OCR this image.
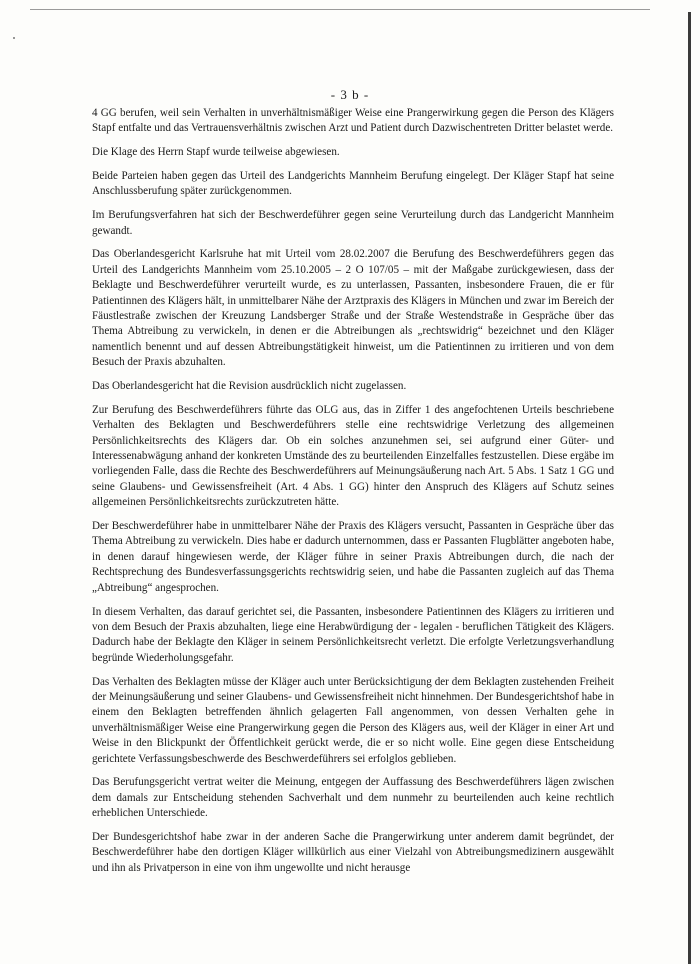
- 3 b -

4 GG berufen, weil sein Verhalten in unverhältnismäßiger Weise eine Prangerwirkung gegen die Person des Klägers Stapf entfalte und das Vertrauensverhältnis zwischen Arzt und Patient durch Dazwischentreten Dritter belastet werde.

Die Klage des Herrn Stapf wurde teilweise abgewiesen.

Beide Parteien haben gegen das Urteil des Landgerichts Mannheim Berufung eingelegt. Der Kläger Stapf hat seine Anschlussberufung später zurückgenommen.

Im Berufungsverfahren hat sich der Beschwerdeführer gegen seine Verurteilung durch das Landgericht Mannheim gewandt.

Das Oberlandesgericht Karlsruhe hat mit Urteil vom 28.02.2007 die Berufung des Beschwerdeführers gegen das Urteil des Landgerichts Mannheim vom 25.10.2005 – 2 O 107/05 – mit der Maßgabe zurückgewiesen, dass der Beklagte und Beschwerdeführer verurteilt wurde, es zu unterlassen, Passanten, insbesondere Frauen, die er für Patientinnen des Klägers hält, in unmittelbarer Nähe der Arztpraxis des Klägers in München und zwar im Bereich der Fäustlestraße zwischen der Kreuzung Landsberger Straße und der Straße Westendstraße in Gespräche über das Thema Abtreibung zu verwickeln, in denen er die Abtreibungen als „rechtswidrig“ bezeichnet und den Kläger namentlich benennt und auf dessen Abtreibungstätigkeit hinweist, um die Patientinnen zu irritieren und von dem Besuch der Praxis abzuhalten.

Das Oberlandesgericht hat die Revision ausdrücklich nicht zugelassen.

Zur Berufung des Beschwerdeführers führte das OLG aus, das in Ziffer 1 des angefochtenen Urteils beschriebene Verhalten des Beklagten und Beschwerdeführers stelle eine rechtswidrige Verletzung des allgemeinen Persönlichkeitsrechts des Klägers dar. Ob ein solches anzunehmen sei, sei aufgrund einer Güter- und Interessenabwägung anhand der konkreten Umstände des zu beurteilenden Einzelfalles festzustellen. Diese ergäbe im vorliegenden Falle, dass die Rechte des Beschwerdeführers auf Meinungsäußerung nach Art. 5 Abs. 1 Satz 1 GG und seine Glaubens- und Gewissensfreiheit (Art. 4 Abs. 1 GG) hinter den Anspruch des Klägers auf Schutz seines allgemeinen Persönlichkeitsrechts zurückzutreten hätte.

Der Beschwerdeführer habe in unmittelbarer Nähe der Praxis des Klägers versucht, Passanten in Gespräche über das Thema Abtreibung zu verwickeln. Dies habe er dadurch unternommen, dass er Passanten Flugblätter angeboten habe, in denen darauf hingewiesen werde, der Kläger führe in seiner Praxis Abtreibungen durch, die nach der Rechtsprechung des Bundesverfassungsgerichts rechtswidrig seien, und habe die Passanten zugleich auf das Thema „Abtreibung“ angesprochen.

In diesem Verhalten, das darauf gerichtet sei, die Passanten, insbesondere Patientinnen des Klägers zu irritieren und von dem Besuch der Praxis abzuhalten, liege eine Herabwürdigung der - legalen - beruflichen Tätigkeit des Klägers. Dadurch habe der Beklagte den Kläger in seinem Persönlichkeitsrecht verletzt. Die erfolgte Verletzungsverhandlung begründe Wiederholungsgefahr.

Das Verhalten des Beklagten müsse der Kläger auch unter Berücksichtigung der dem Beklagten zustehenden Freiheit der Meinungsäußerung und seiner Glaubens- und Gewissensfreiheit nicht hinnehmen. Der Bundesgerichtshof habe in einem den Beklagten betreffenden ähnlich gelagerten Fall angenommen, von dessen Verhalten gehe in unverhältnismäßiger Weise eine Prangerwirkung gegen die Person des Klägers aus, weil der Kläger in einer Art und Weise in den Blickpunkt der Öffentlichkeit gerückt werde, die er so nicht wolle. Eine gegen diese Entscheidung gerichtete Verfassungsbeschwerde des Beschwerdeführers sei erfolglos geblieben.

Das Berufungsgericht vertrat weiter die Meinung, entgegen der Auffassung des Beschwerdeführers lägen zwischen dem damals zur Entscheidung stehenden Sachverhalt und dem nunmehr zu beurteilenden auch keine rechtlich erheblichen Unterschiede.

Der Bundesgerichtshof habe zwar in der anderen Sache die Prangerwirkung unter anderem damit begründet, der Beschwerdeführer habe den dortigen Kläger willkürlich aus einer Vielzahl von Abtreibungsmedizinern ausgewählt und ihn als Privatperson in eine von ihm ungewollte und nicht herausge
